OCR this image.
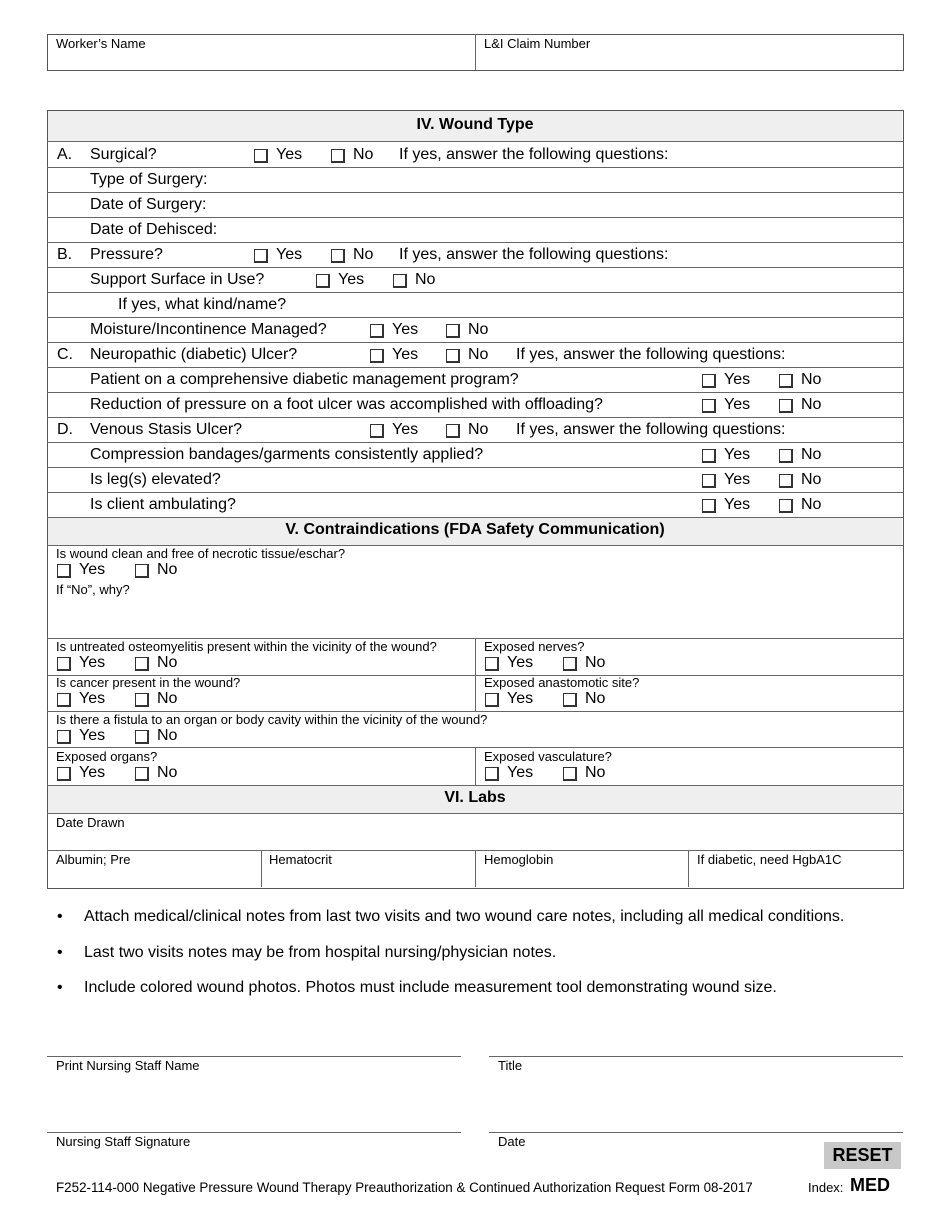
Worker’s Name	L&I Claim Number
IV. Wound Type
V. Contraindications (FDA Safety Communication)
VI. Labs
A. Surgical?	Yes	No If yes, answer the following questions:
Type of Surgery:
Date of Surgery:
Date of Dehisced:
B. Pressure?	Yes	No If yes, answer the following questions:
Support Surface in Use?	Yes	No
If yes, what kind/name?
Moisture/Incontinence Managed?	Yes	No
C. Neuropathic (diabetic) Ulcer?	Yes	No If yes, answer the following questions:
Patient on a comprehensive diabetic management program?	Yes	No
Reduction of pressure on a foot ulcer was accomplished with offloading?	Yes	No
D. Venous Stasis Ulcer?	Yes	No If yes, answer the following questions:
Compression bandages/garments consistently applied?	Yes	No
Is leg(s) elevated?	Yes	No
Is client ambulating?	Yes	No
Is wound clean and free of necrotic tissue/eschar?
Yes	No
If “No”, why?
Is untreated osteomyelitis present within the vicinity of the wound?
Yes	No
Exposed nerves?
Yes	No
Is cancer present in the wound?
Yes	No
Exposed anastomotic site?
Yes	No
Is there a fistula to an organ or body cavity within the vicinity of the wound?
Yes	No
Exposed organs?
Yes	No
Exposed vasculature?
Yes	No
Date Drawn
Albumin; Pre	Hematocrit	Hemoglobin	If diabetic, need HgbA1C
• Attach medical/clinical notes from last two visits and two wound care notes, including all medical conditions.
• Last two visits notes may be from hospital nursing/physician notes.
• Include colored wound photos. Photos must include measurement tool demonstrating wound size.
Print Nursing Staff Name	Title
Nursing Staff Signature	Date
RESET
F252-114-000 Negative Pressure Wound Therapy Preauthorization & Continued Authorization Request Form 08-2017	Index: MED
